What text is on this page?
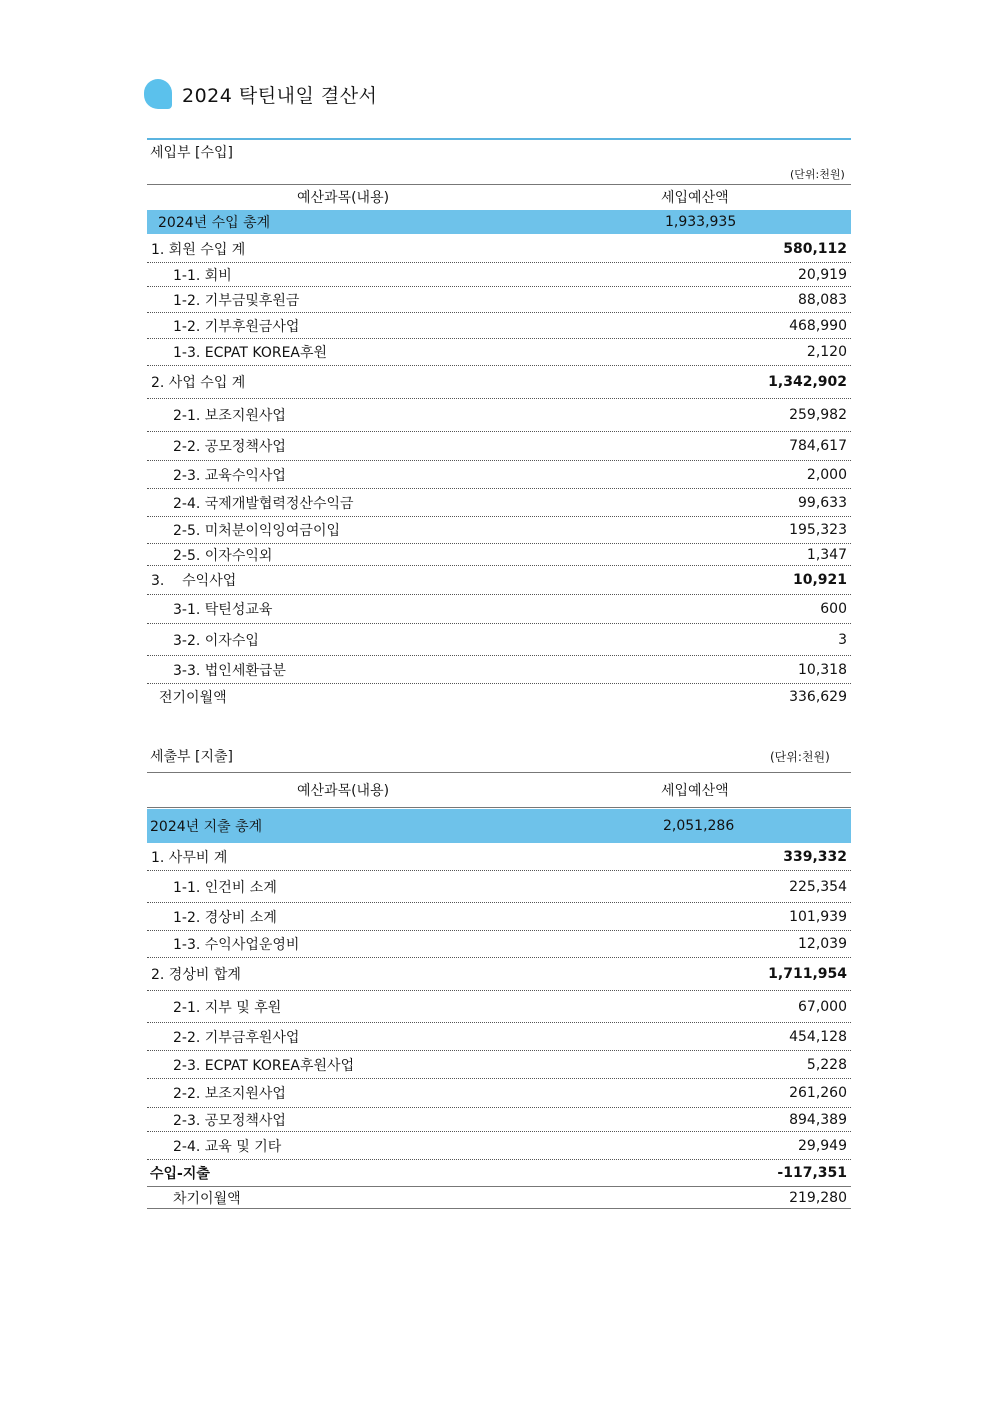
2024 탁틴내일 결산서
세입부 [수입]
(단위:천원)
예산과목(내용)	세입예산액
2024년 수입 총계	1,933,935
1. 회원 수입 계	580,112
1-1. 회비	20,919
1-2. 기부금및후원금	88,083
1-2. 기부후원금사업	468,990
1-3. ECPAT KOREA후원	2,120
2. 사업 수입 계	1,342,902
2-1. 보조지원사업	259,982
2-2. 공모정책사업	784,617
2-3. 교육수익사업	2,000
2-4. 국제개발협력정산수익금	99,633
2-5. 미처분이익잉여금이입	195,323
2-5. 이자수익외	1,347
3.    수익사업	10,921
3-1. 탁틴성교육	600
3-2. 이자수입	3
3-3. 법인세환급분	10,318
전기이월액	336,629
세출부 [지출]	(단위:천원)
예산과목(내용)	세입예산액
2024년 지출 총계	2,051,286
1. 사무비 계	339,332
1-1. 인건비 소계	225,354
1-2. 경상비 소계	101,939
1-3. 수익사업운영비	12,039
2. 경상비 합계	1,711,954
2-1. 지부 및 후원	67,000
2-2. 기부금후원사업	454,128
2-3. ECPAT KOREA후원사업	5,228
2-2. 보조지원사업	261,260
2-3. 공모정책사업	894,389
2-4. 교육 및 기타	29,949
수입-지출	-117,351
차기이월액	219,280
